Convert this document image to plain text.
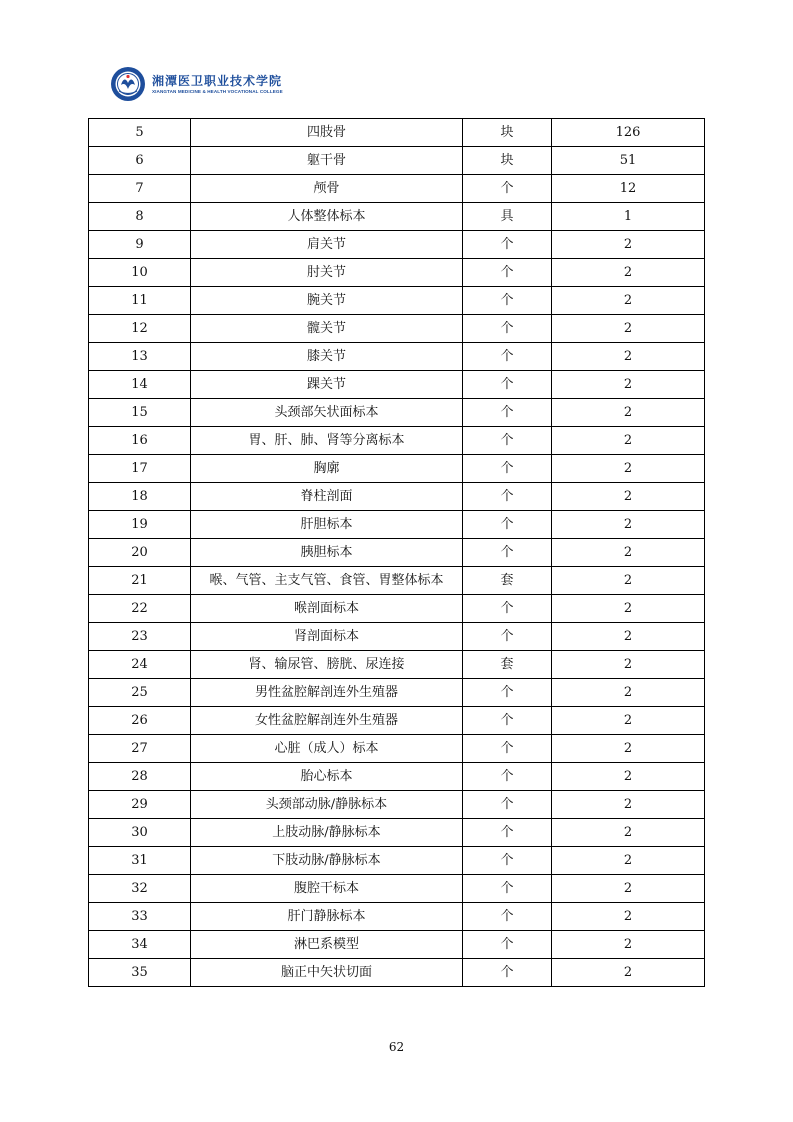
湘潭医卫职业技术学院
XIANGTAN MEDICINE & HEALTH VOCATIONAL COLLEGE
5	四肢骨	块	126
6	躯干骨	块	51
7	颅骨	个	12
8	人体整体标本	具	1
9	肩关节	个	2
10	肘关节	个	2
11	腕关节	个	2
12	髋关节	个	2
13	膝关节	个	2
14	踝关节	个	2
15	头颈部矢状面标本	个	2
16	胃、肝、肺、肾等分离标本	个	2
17	胸廓	个	2
18	脊柱剖面	个	2
19	肝胆标本	个	2
20	胰胆标本	个	2
21	喉、气管、主支气管、食管、胃整体标本	套	2
22	喉剖面标本	个	2
23	肾剖面标本	个	2
24	肾、输尿管、膀胱、尿连接	套	2
25	男性盆腔解剖连外生殖器	个	2
26	女性盆腔解剖连外生殖器	个	2
27	心脏（成人）标本	个	2
28	胎心标本	个	2
29	头颈部动脉/静脉标本	个	2
30	上肢动脉/静脉标本	个	2
31	下肢动脉/静脉标本	个	2
32	腹腔干标本	个	2
33	肝门静脉标本	个	2
34	淋巴系模型	个	2
35	脑正中矢状切面	个	2
62
